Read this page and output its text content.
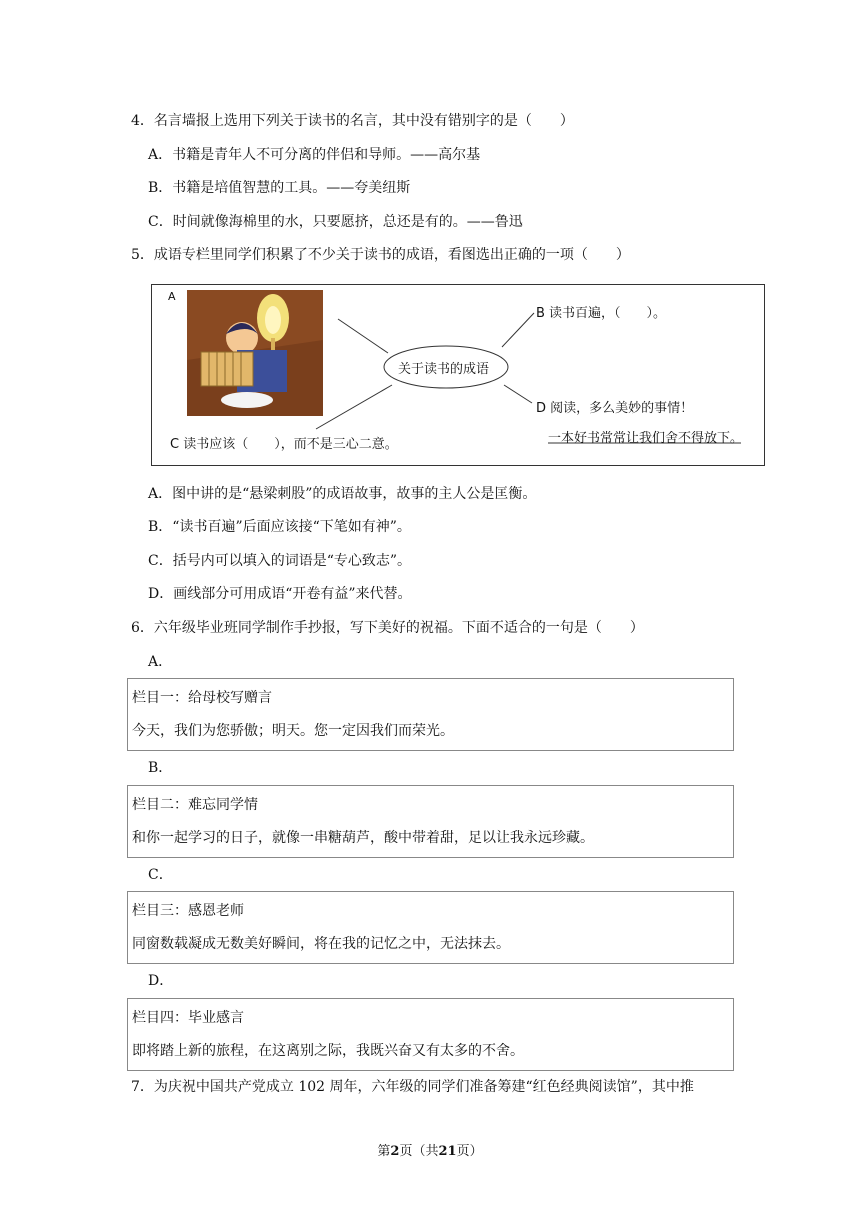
4．名言墙报上选用下列关于读书的名言，其中没有错别字的是（　　）
A．书籍是青年人不可分离的伴侣和导师。——高尔基
B．书籍是培值智慧的工具。——夸美纽斯
C．时间就像海棉里的水，只要愿挤，总还是有的。——鲁迅
5．成语专栏里同学们积累了不少关于读书的成语，看图选出正确的一项（　　）
A
B 读书百遍，（　　）。
关于读书的成语
C 读书应该（　　），而不是三心二意。
D 阅读，多么美妙的事情！
一本好书常常让我们舍不得放下。
A．图中讲的是“悬梁刺股”的成语故事，故事的主人公是匡衡。
B．“读书百遍”后面应该接“下笔如有神”。
C．括号内可以填入的词语是“专心致志”。
D．画线部分可用成语“开卷有益”来代替。
6．六年级毕业班同学制作手抄报，写下美好的祝福。下面不适合的一句是（　　）
A．
栏目一：给母校写赠言
今天，我们为您骄傲；明天。您一定因我们而荣光。
B．
栏目二：难忘同学情
和你一起学习的日子，就像一串糖葫芦，酸中带着甜，足以让我永远珍藏。
C．
栏目三：感恩老师
同窗数载凝成无数美好瞬间，将在我的记忆之中，无法抹去。
D．
栏目四：毕业感言
即将踏上新的旅程，在这离别之际，我既兴奋又有太多的不舍。
7．为庆祝中国共产党成立 102 周年，六年级的同学们准备筹建“红色经典阅读馆”，其中推
第2页（共21页）
